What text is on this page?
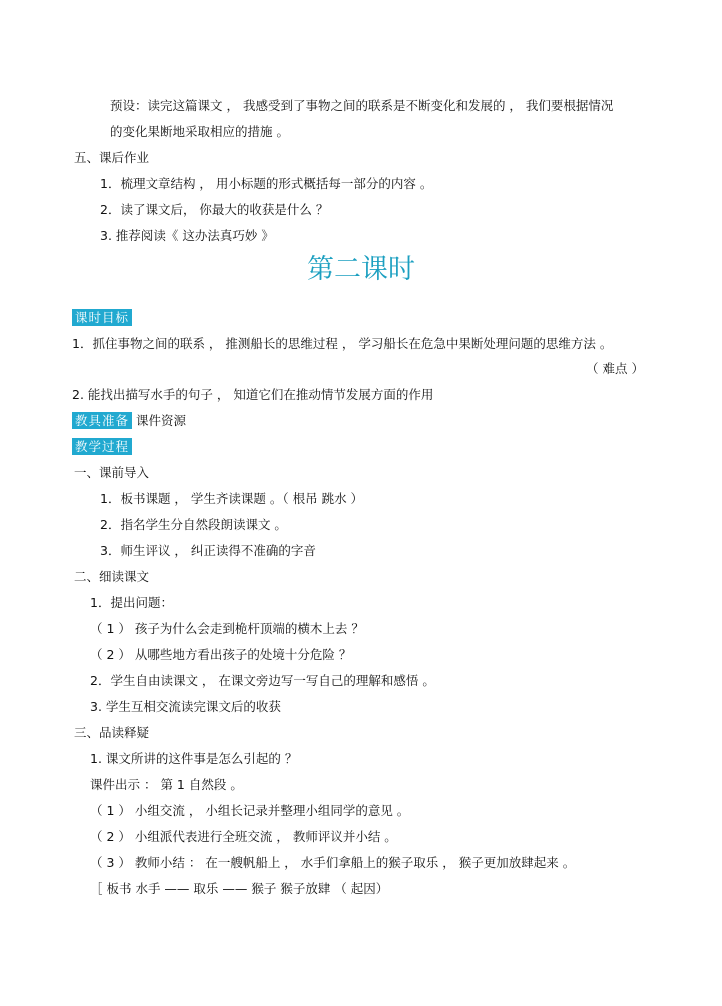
预设：读完这篇课文 ， 我感受到了事物之间的联系是不断变化和发展的 ， 我们要根据情况
的变化果断地采取相应的措施 。
五、课后作业
1．梳理文章结构 ， 用小标题的形式概括每一部分的内容 。
2．读了课文后， 你最大的收获是什么 ？
3. 推荐阅读《 这办法真巧妙 》
第二课时
课时目标
1．抓住事物之间的联系 ， 推测船长的思维过程 ， 学习船长在危急中果断处理问题的思维方法 。
（ 难点 ）
2. 能找出描写水手的句子 ， 知道它们在推动情节发展方面的作用
教具准备 课件资源
教学过程
一、课前导入
1．板书课题 ， 学生齐读课题 。（ 根吊 跳水 ）
2．指名学生分自然段朗读课文 。
3．师生评议 ， 纠正读得不准确的字音
二、细读课文
1．提出问题：
（ 1 ） 孩子为什么会走到桅杆顶端的横木上去 ？
（ 2 ） 从哪些地方看出孩子的处境十分危险 ？
2．学生自由读课文 ， 在课文旁边写一写自己的理解和感悟 。
3. 学生互相交流读完课文后的收获
三、品读释疑
1. 课文所讲的这件事是怎么引起的 ？
课件出示 ： 第 1 自然段 。
（ 1 ） 小组交流 ， 小组长记录并整理小组同学的意见 。
（ 2 ） 小组派代表进行全班交流 ， 教师评议并小结 。
（ 3 ） 教师小结 ： 在一艘帆船上 ， 水手们拿船上的猴子取乐 ， 猴子更加放肆起来 。
［ 板书 水手 —— 取乐 —— 猴子 猴子放肆 （ 起因）
